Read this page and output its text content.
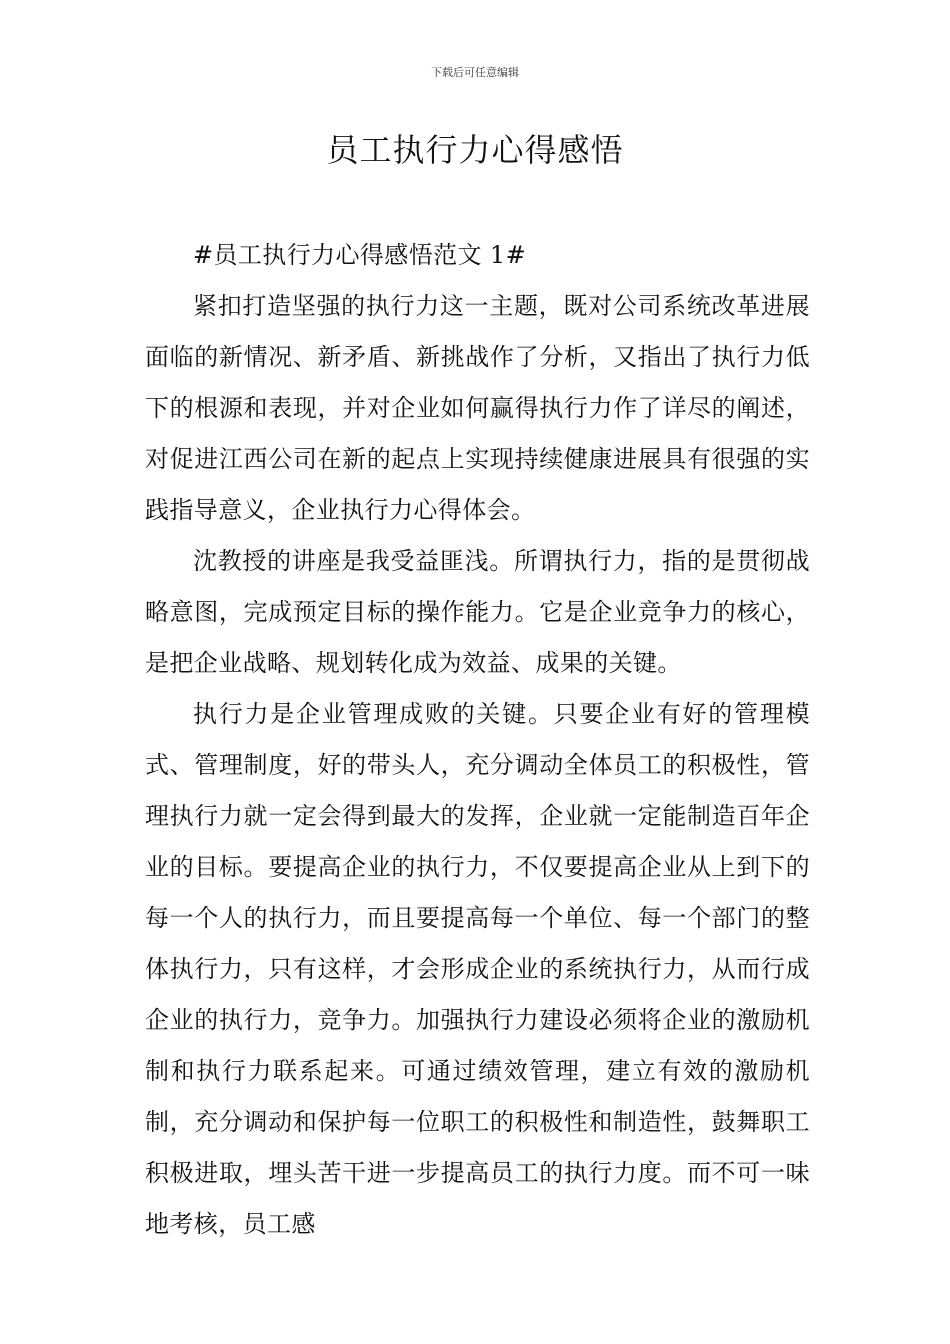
下载后可任意编辑
员工执行力心得感悟

#员工执行力心得感悟范文 1#

紧扣打造坚强的执行力这一主题，既对公司系统改革进展面临的新情况、新矛盾、新挑战作了分析，又指出了执行力低下的根源和表现，并对企业如何赢得执行力作了详尽的阐述，对促进江西公司在新的起点上实现持续健康进展具有很强的实践指导意义，企业执行力心得体会。

沈教授的讲座是我受益匪浅。所谓执行力，指的是贯彻战略意图，完成预定目标的操作能力。它是企业竞争力的核心，是把企业战略、规划转化成为效益、成果的关键。

执行力是企业管理成败的关键。只要企业有好的管理模式、管理制度，好的带头人，充分调动全体员工的积极性，管理执行力就一定会得到最大的发挥，企业就一定能制造百年企业的目标。要提高企业的执行力，不仅要提高企业从上到下的每一个人的执行力，而且要提高每一个单位、每一个部门的整体执行力，只有这样，才会形成企业的系统执行力，从而行成企业的执行力，竞争力。加强执行力建设必须将企业的激励机制和执行力联系起来。可通过绩效管理，建立有效的激励机制，充分调动和保护每一位职工的积极性和制造性，鼓舞职工积极进取，埋头苦干进一步提高员工的执行力度。而不可一味地考核，员工感
